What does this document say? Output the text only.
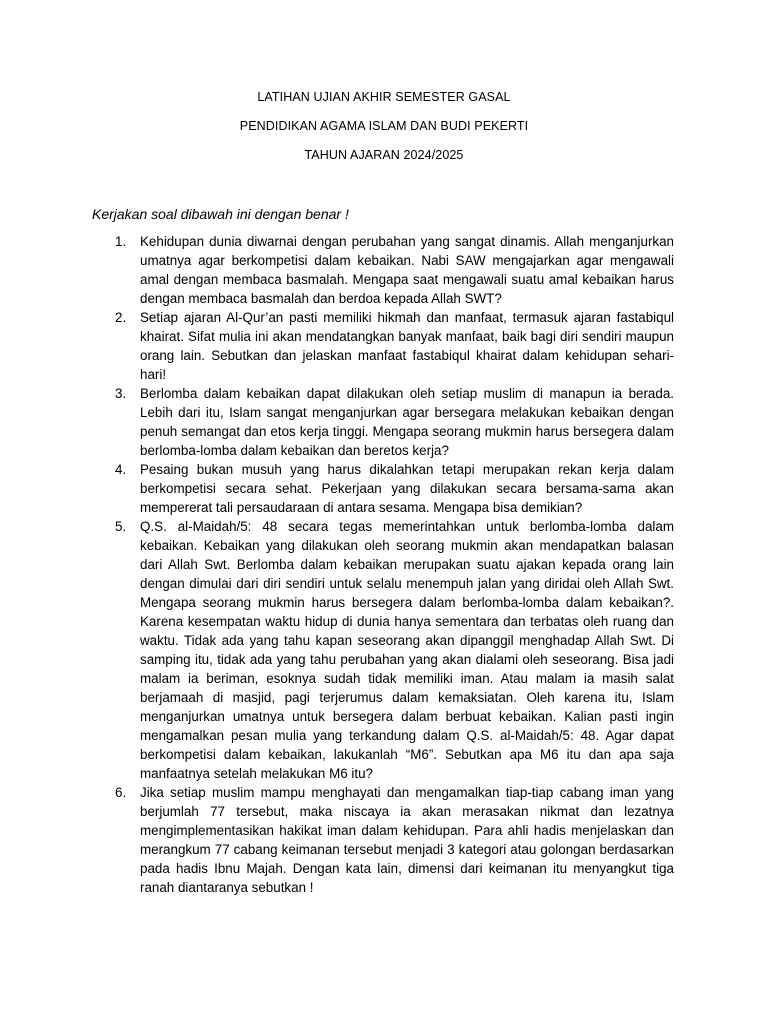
LATIHAN UJIAN AKHIR SEMESTER GASAL
PENDIDIKAN AGAMA ISLAM DAN BUDI PEKERTI
TAHUN AJARAN 2024/2025
Kerjakan soal dibawah ini dengan benar !
1.	Kehidupan dunia diwarnai dengan perubahan yang sangat dinamis. Allah menganjurkan umatnya agar berkompetisi dalam kebaikan. Nabi SAW mengajarkan agar mengawali amal dengan membaca basmalah. Mengapa saat mengawali suatu amal kebaikan harus dengan membaca basmalah dan berdoa kepada Allah SWT?
2.	Setiap ajaran Al-Qur’an pasti memiliki hikmah dan manfaat, termasuk ajaran fastabiqul khairat. Sifat mulia ini akan mendatangkan banyak manfaat, baik bagi diri sendiri maupun orang lain. Sebutkan dan jelaskan manfaat fastabiqul khairat dalam kehidupan sehari-hari!
3.	Berlomba dalam kebaikan dapat dilakukan oleh setiap muslim di manapun ia berada. Lebih dari itu, Islam sangat menganjurkan agar bersegara melakukan kebaikan dengan penuh semangat dan etos kerja tinggi. Mengapa seorang mukmin harus bersegera dalam berlomba-lomba dalam kebaikan dan beretos kerja?
4.	Pesaing bukan musuh yang harus dikalahkan tetapi merupakan rekan kerja dalam berkompetisi secara sehat. Pekerjaan yang dilakukan secara bersama-sama akan mempererat tali persaudaraan di antara sesama. Mengapa bisa demikian?
5.	Q.S. al-Maidah/5: 48 secara tegas memerintahkan untuk berlomba-lomba dalam kebaikan. Kebaikan yang dilakukan oleh seorang mukmin akan mendapatkan balasan dari Allah Swt. Berlomba dalam kebaikan merupakan suatu ajakan kepada orang lain dengan dimulai dari diri sendiri untuk selalu menempuh jalan yang diridai oleh Allah Swt. Mengapa seorang mukmin harus bersegera dalam berlomba-lomba dalam kebaikan?. Karena kesempatan waktu hidup di dunia hanya sementara dan terbatas oleh ruang dan waktu. Tidak ada yang tahu kapan seseorang akan dipanggil menghadap Allah Swt. Di samping itu, tidak ada yang tahu perubahan yang akan dialami oleh seseorang. Bisa jadi malam ia beriman, esoknya sudah tidak memiliki iman. Atau malam ia masih salat berjamaah di masjid, pagi terjerumus dalam kemaksiatan. Oleh karena itu, Islam menganjurkan umatnya untuk bersegera dalam berbuat kebaikan. Kalian pasti ingin mengamalkan pesan mulia yang terkandung dalam Q.S. al-Maidah/5: 48. Agar dapat berkompetisi dalam kebaikan, lakukanlah “M6”. Sebutkan apa M6 itu dan apa saja manfaatnya setelah melakukan M6 itu?
6.	Jika setiap muslim mampu menghayati dan mengamalkan tiap-tiap cabang iman yang berjumlah 77 tersebut, maka niscaya ia akan merasakan nikmat dan lezatnya mengimplementasikan hakikat iman dalam kehidupan. Para ahli hadis menjelaskan dan merangkum 77 cabang keimanan tersebut menjadi 3 kategori atau golongan berdasarkan pada hadis Ibnu Majah. Dengan kata lain, dimensi dari keimanan itu menyangkut tiga ranah diantaranya sebutkan !
